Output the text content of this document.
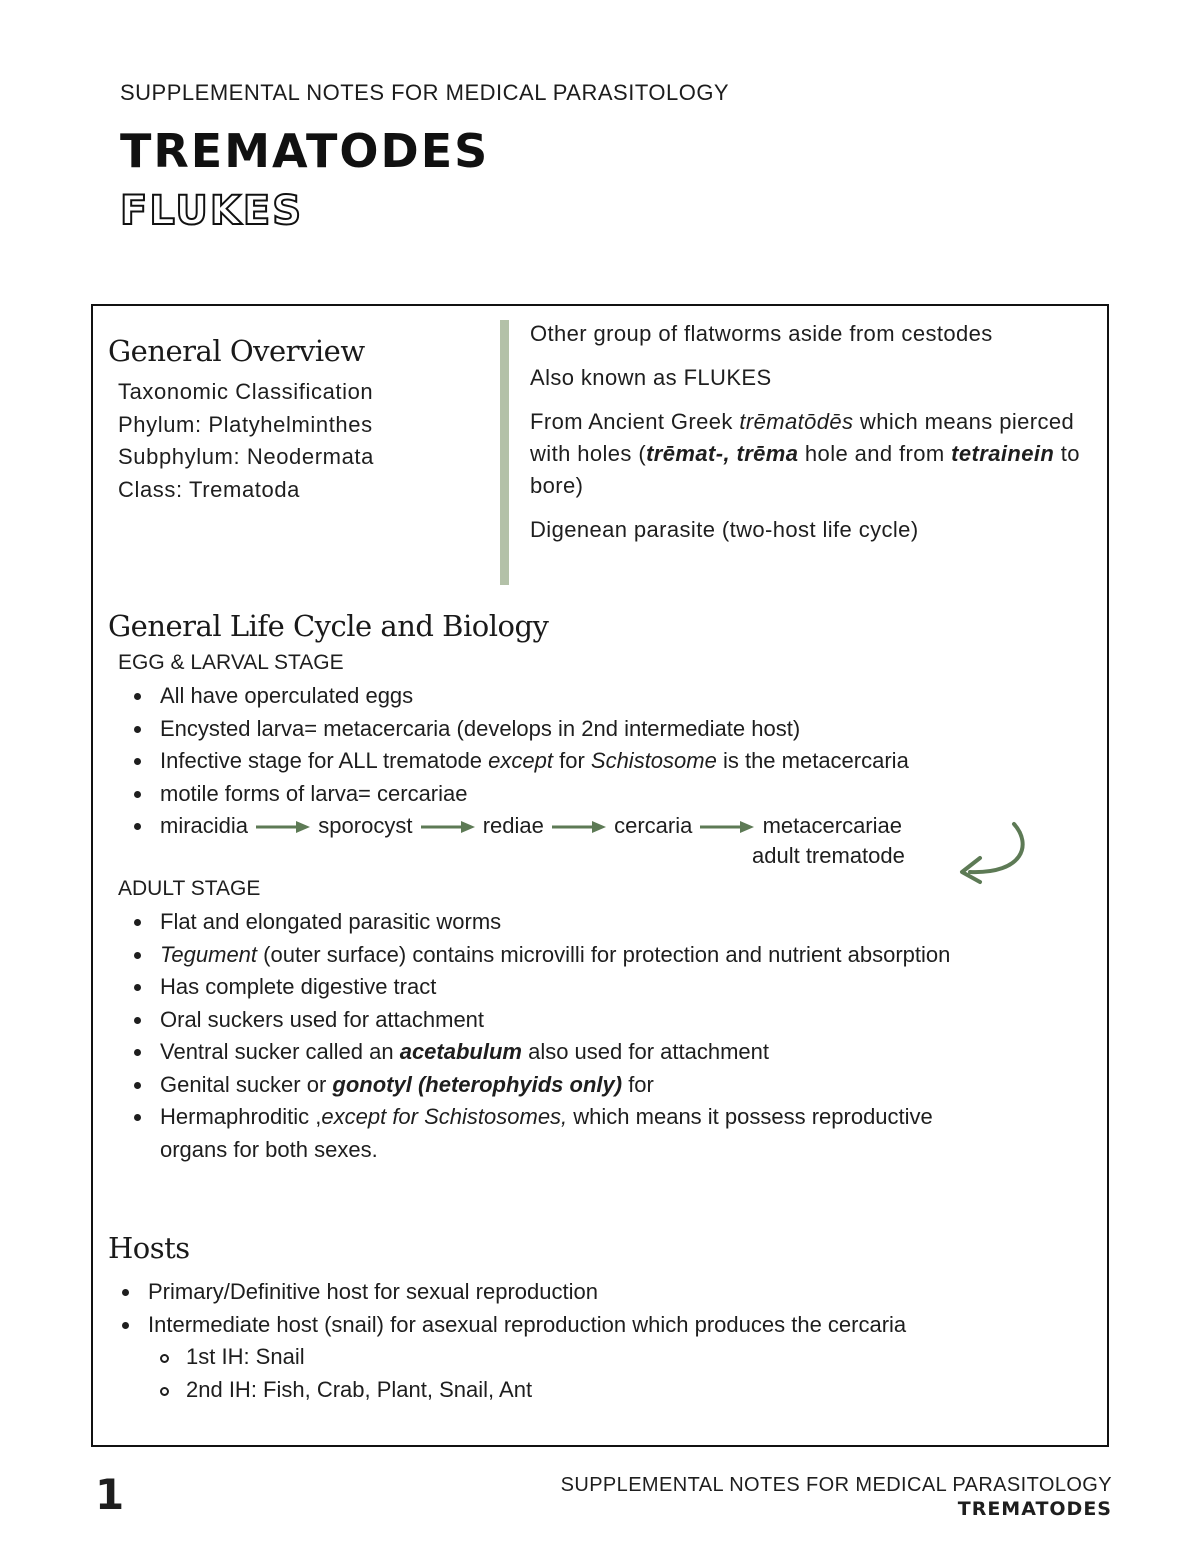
SUPPLEMENTAL NOTES FOR MEDICAL PARASITOLOGY
TREMATODES
FLUKES
General Overview
Taxonomic Classification
Phylum: Platyhelminthes
Subphylum: Neodermata
Class: Trematoda

Other group of flatworms aside from cestodes

Also known as FLUKES

From Ancient Greek trēmatōdēs which means pierced with holes (trēmat-, trēma hole and from tetrainein to bore)

Digenean parasite (two-host life cycle)

General Life Cycle and Biology
EGG & LARVAL STAGE
All have operculated eggs
Encysted larva= metacercaria (develops in 2nd intermediate host)
Infective stage for ALL trematode except for Schistosome is the metacercaria
motile forms of larva= cercariae
miracidia	sporocyst	rediae	cercaria	metacercariae
adult trematode
ADULT STAGE
Flat and elongated parasitic worms
Tegument (outer surface) contains microvilli for protection and nutrient absorption
Has complete digestive tract
Oral suckers used for attachment
Ventral sucker called an acetabulum also used for attachment
Genital sucker or gonotyl (heterophyids only) for
Hermaphroditic ,except for Schistosomes, which means it possess reproductive organs for both sexes.
Hosts
Primary/Definitive host for sexual reproduction
Intermediate host (snail) for asexual reproduction which produces the cercaria
1st IH: Snail
2nd IH: Fish, Crab, Plant, Snail, Ant
1	SUPPLEMENTAL NOTES FOR MEDICAL PARASITOLOGY
TREMATODES
